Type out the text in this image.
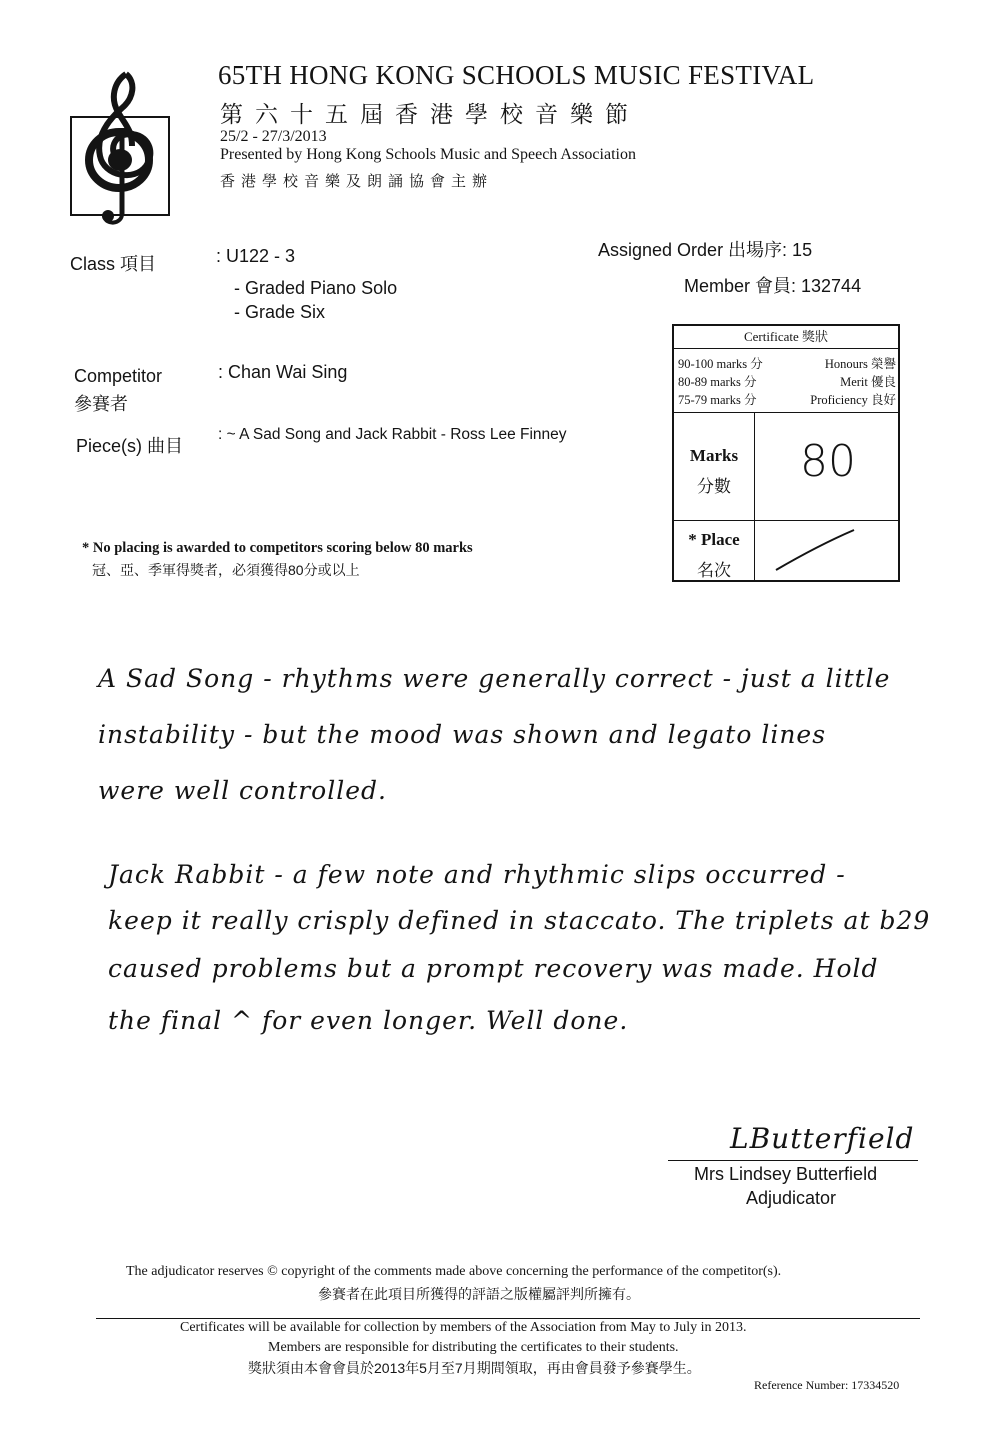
65TH HONG KONG SCHOOLS MUSIC FESTIVAL
第六十五屆香港學校音樂節
25/2 - 27/3/2013
Presented by Hong Kong Schools Music and Speech Association
香港學校音樂及朗誦協會主辦
Class 項目	: U122 - 3
- Graded Piano Solo
- Grade Six
Assigned Order 出場序: 15
Member 會員: 132744
Competitor
參賽者
: Chan Wai Sing
Piece(s) 曲目
: ~ A Sad Song and Jack Rabbit - Ross Lee Finney
Certificate 獎狀
90-100 marks 分	Honours 榮譽
80-89 marks 分	Merit 優良
75-79 marks 分	Proficiency 良好
Marks
分數	80
* Place
名次
* No placing is awarded to competitors scoring below 80 marks
冠、亞、季軍得獎者，必須獲得80分或以上
A Sad Song - rhythms were generally correct - just a little
instability - but the mood was shown and legato lines
were well controlled.
Jack Rabbit - a few note and rhythmic slips occurred -
keep it really crisply defined in staccato. The triplets at b29
caused problems but a prompt recovery was made. Hold
the final ^ for even longer. Well done.
LButterfield
Mrs Lindsey Butterfield
Adjudicator
The adjudicator reserves © copyright of the comments made above concerning the performance of the competitor(s).
參賽者在此項目所獲得的評語之版權屬評判所擁有。
Certificates will be available for collection by members of the Association from May to July in 2013.
Members are responsible for distributing the certificates to their students.
獎狀須由本會會員於2013年5月至7月期間領取，再由會員發予參賽學生。
Reference Number: 17334520
